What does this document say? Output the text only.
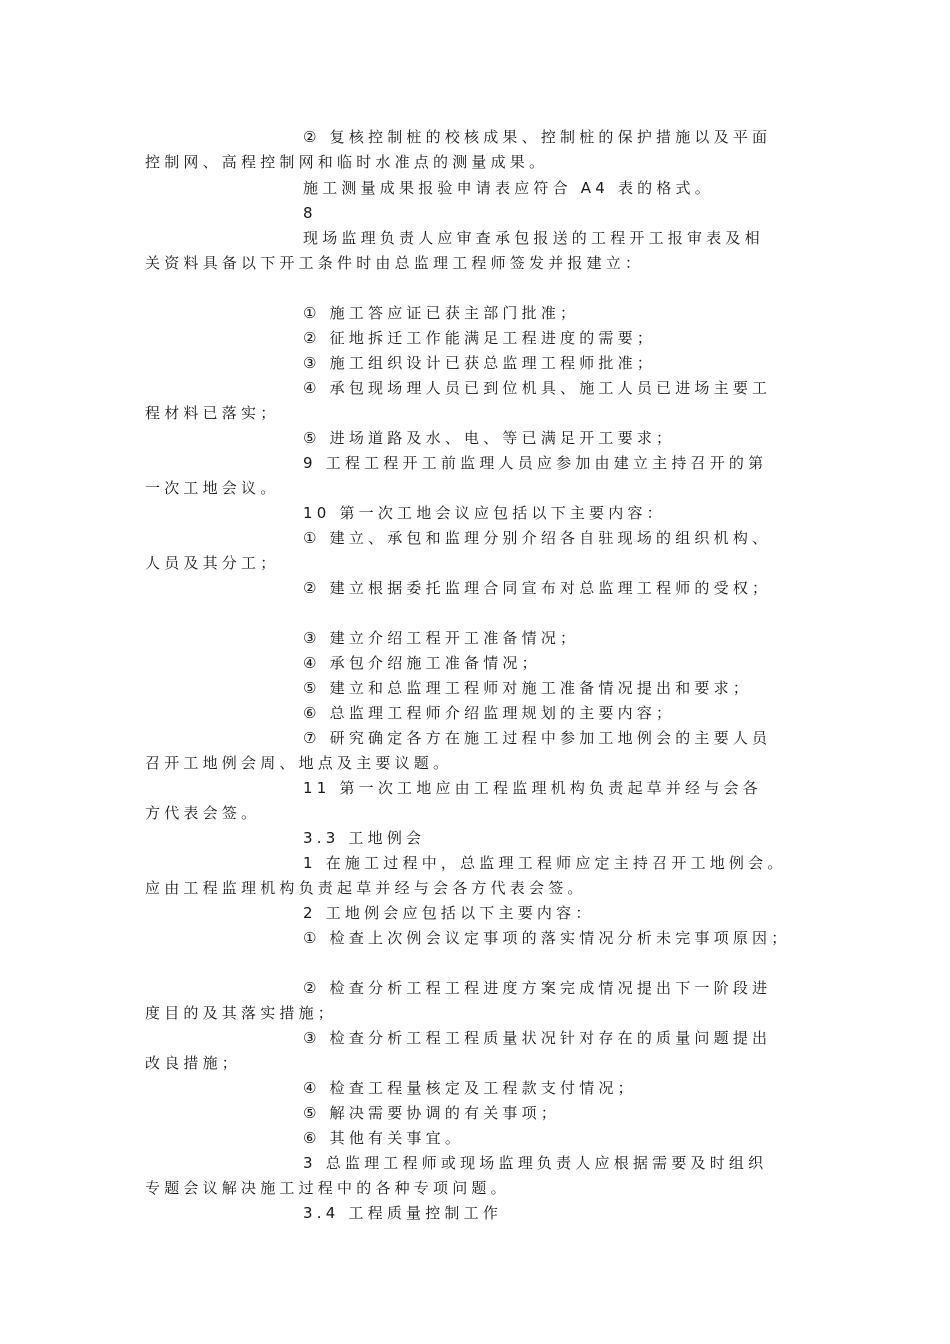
② 复核控制桩的校核成果、控制桩的保护措施以及平面
控制网、高程控制网和临时水准点的测量成果。
施工测量成果报验申请表应符合 A4 表的格式。
8
现场监理负责人应审查承包报送的工程开工报审表及相
关资料具备以下开工条件时由总监理工程师签发并报建立：
① 施工答应证已获主部门批准；
② 征地拆迁工作能满足工程进度的需要；
③ 施工组织设计已获总监理工程师批准；
④ 承包现场理人员已到位机具、施工人员已进场主要工
程材料已落实；
⑤ 进场道路及水、电、等已满足开工要求；
9 工程工程开工前监理人员应参加由建立主持召开的第
一次工地会议。
10 第一次工地会议应包括以下主要内容：
① 建立、承包和监理分别介绍各自驻现场的组织机构、
人员及其分工；
② 建立根据委托监理合同宣布对总监理工程师的受权；
③ 建立介绍工程开工准备情况；
④ 承包介绍施工准备情况；
⑤ 建立和总监理工程师对施工准备情况提出和要求；
⑥ 总监理工程师介绍监理规划的主要内容；
⑦ 研究确定各方在施工过程中参加工地例会的主要人员
召开工地例会周、地点及主要议题。
11 第一次工地应由工程监理机构负责起草并经与会各
方代表会签。
3.3 工地例会
1 在施工过程中，总监理工程师应定主持召开工地例会。
应由工程监理机构负责起草并经与会各方代表会签。
2 工地例会应包括以下主要内容：
① 检查上次例会议定事项的落实情况分析未完事项原因；
② 检查分析工程工程进度方案完成情况提出下一阶段进
度目的及其落实措施；
③ 检查分析工程工程质量状况针对存在的质量问题提出
改良措施；
④ 检查工程量核定及工程款支付情况；
⑤ 解决需要协调的有关事项；
⑥ 其他有关事宜。
3 总监理工程师或现场监理负责人应根据需要及时组织
专题会议解决施工过程中的各种专项问题。
3.4 工程质量控制工作
